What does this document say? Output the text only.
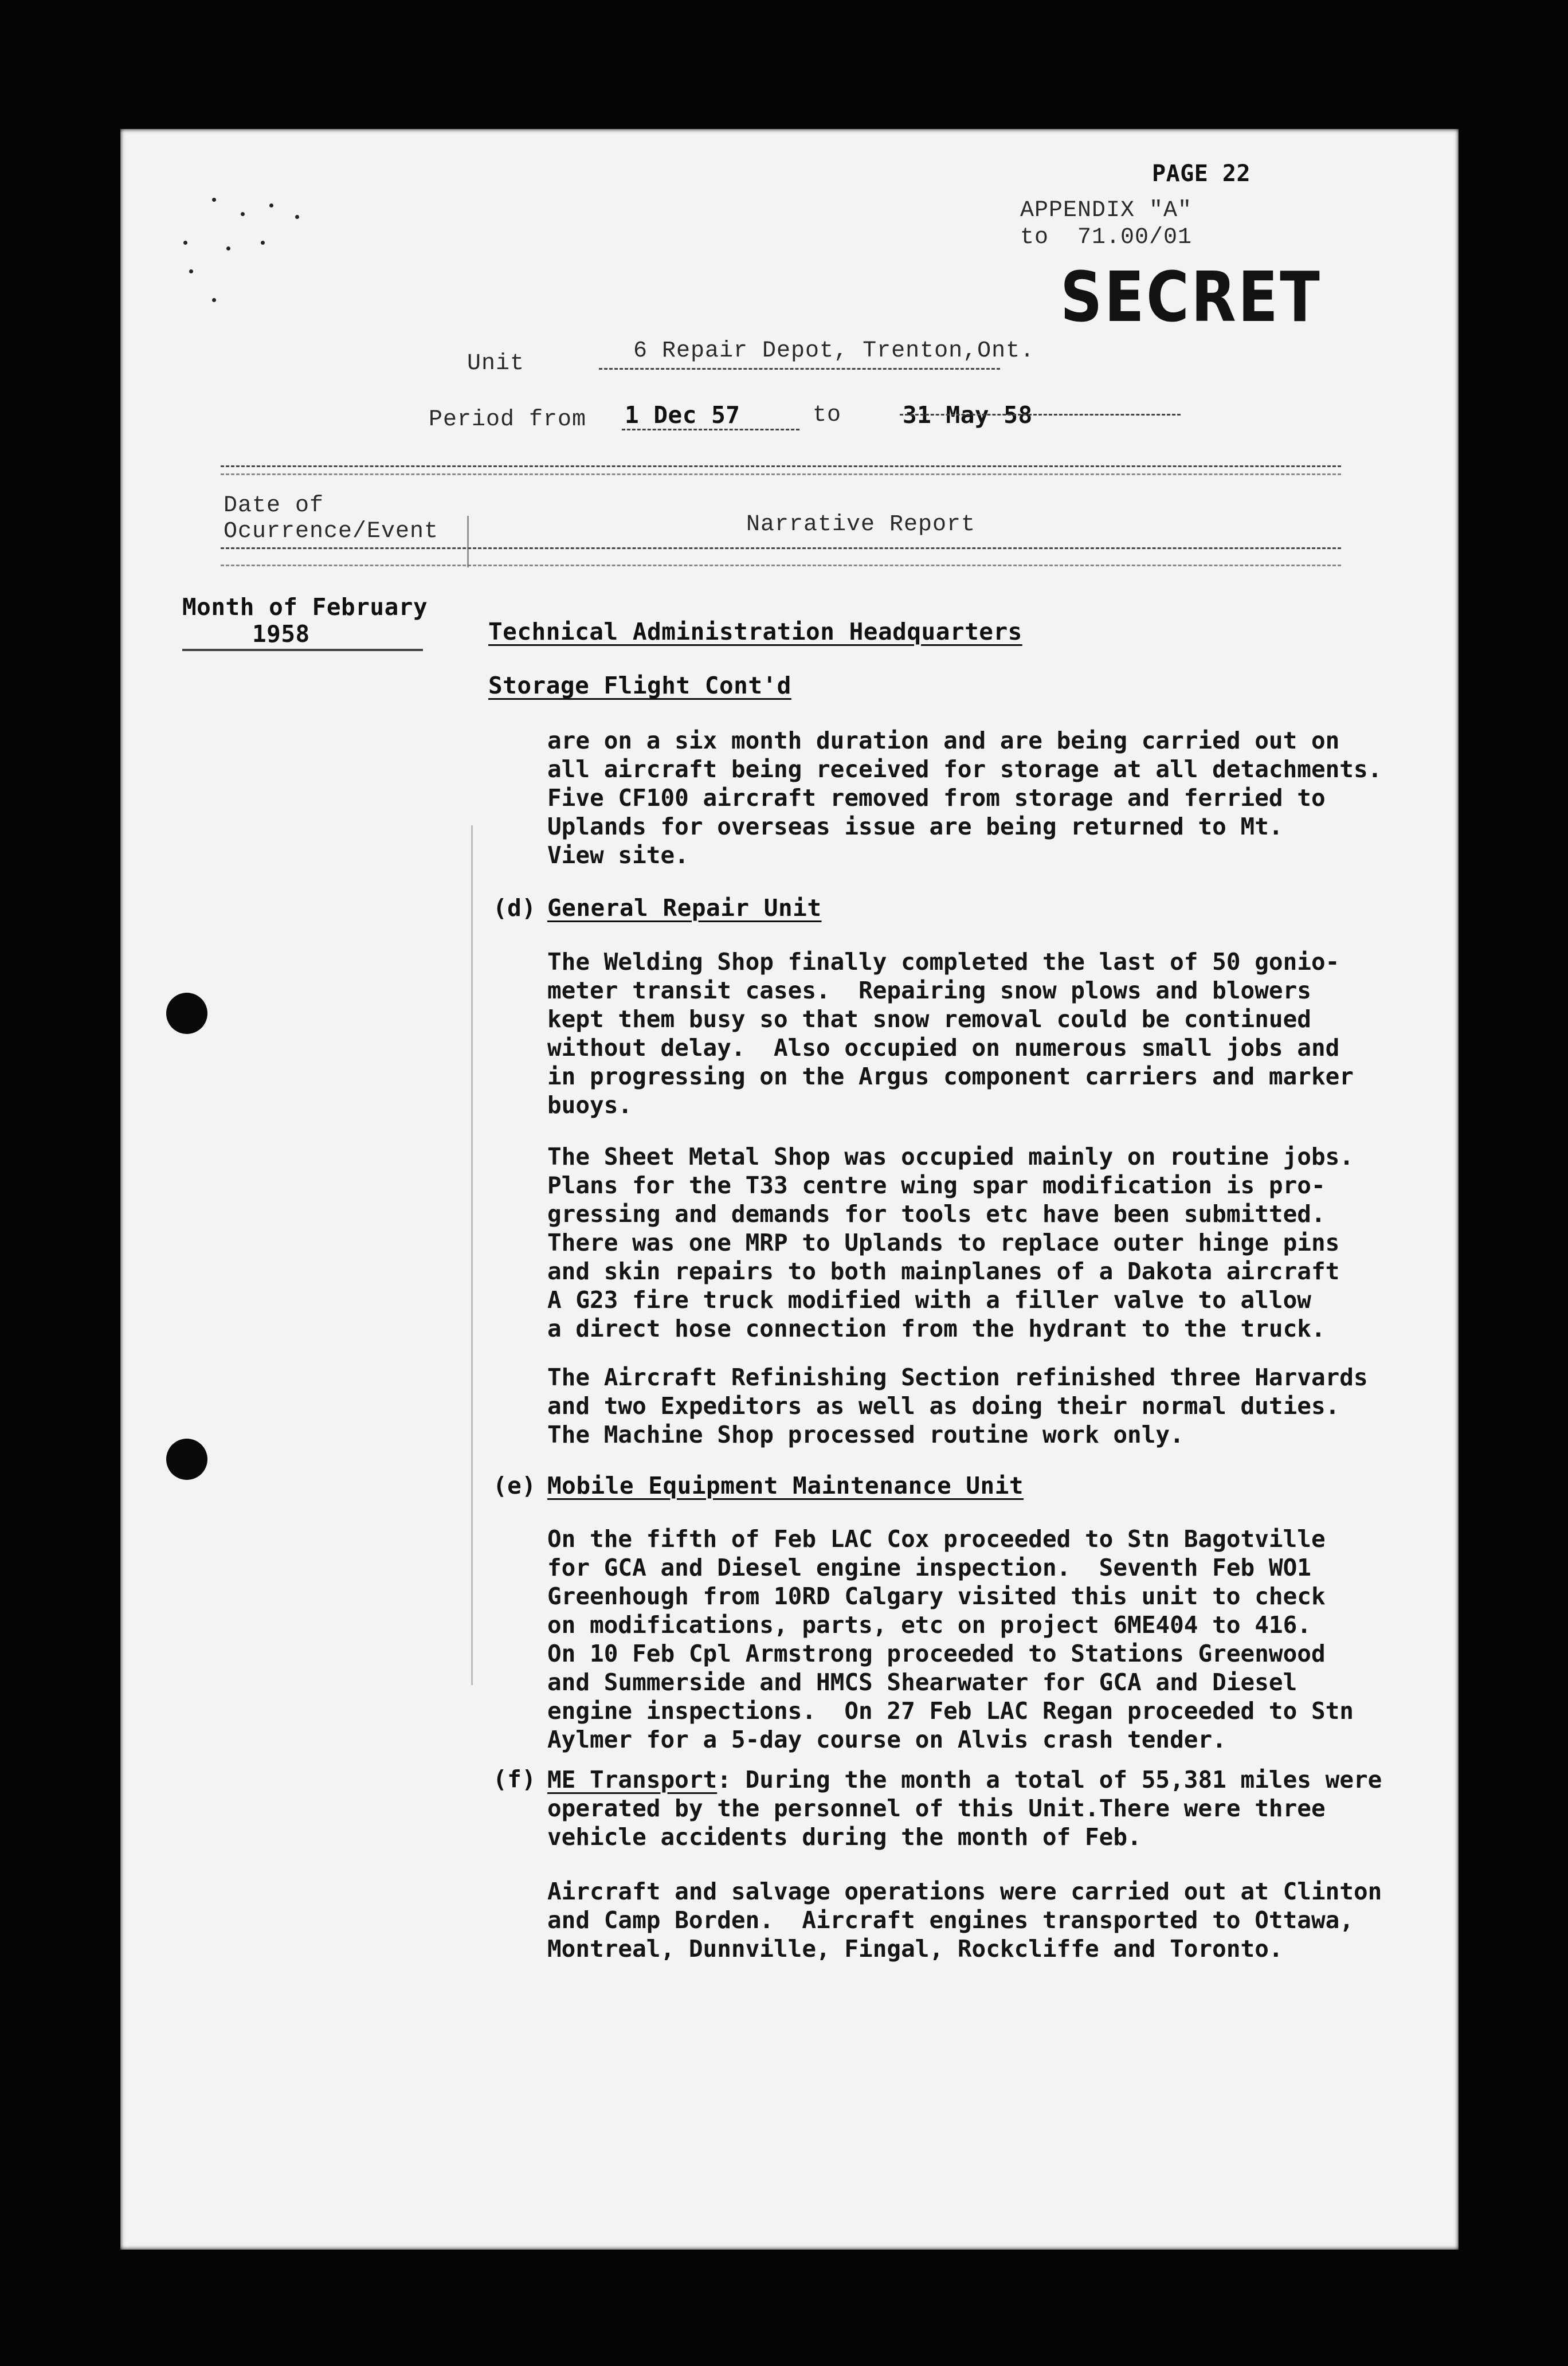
PAGE 22
APPENDIX "A"
to  71.00/01
SECRET
Unit	6 Repair Depot, Trenton,Ont.
Period from 1 Dec 57	to	31 May 58
Date of
Ocurrence/Event	Narrative Report
Month of February
1958	Technical Administration Headquarters
Storage Flight Cont'd
are on a six month duration and are being carried out on
all aircraft being received for storage at all detachments.
Five CF100 aircraft removed from storage and ferried to
Uplands for overseas issue are being returned to Mt.
View site.
(d) General Repair Unit
The Welding Shop finally completed the last of 50 gonio-
meter transit cases.  Repairing snow plows and blowers
kept them busy so that snow removal could be continued
without delay.  Also occupied on numerous small jobs and
in progressing on the Argus component carriers and marker
buoys.
The Sheet Metal Shop was occupied mainly on routine jobs.
Plans for the T33 centre wing spar modification is pro-
gressing and demands for tools etc have been submitted.
There was one MRP to Uplands to replace outer hinge pins
and skin repairs to both mainplanes of a Dakota aircraft
A G23 fire truck modified with a filler valve to allow
a direct hose connection from the hydrant to the truck.
The Aircraft Refinishing Section refinished three Harvards
and two Expeditors as well as doing their normal duties.
The Machine Shop processed routine work only.
(e) Mobile Equipment Maintenance Unit
On the fifth of Feb LAC Cox proceeded to Stn Bagotville
for GCA and Diesel engine inspection.  Seventh Feb WO1
Greenhough from 10RD Calgary visited this unit to check
on modifications, parts, etc on project 6ME404 to 416.
On 10 Feb Cpl Armstrong proceeded to Stations Greenwood
and Summerside and HMCS Shearwater for GCA and Diesel
engine inspections.  On 27 Feb LAC Regan proceeded to Stn
Aylmer for a 5-day course on Alvis crash tender.
(f) ME Transport: During the month a total of 55,381 miles were
operated by the personnel of this Unit.There were three
vehicle accidents during the month of Feb.
Aircraft and salvage operations were carried out at Clinton
and Camp Borden.  Aircraft engines transported to Ottawa,
Montreal, Dunnville, Fingal, Rockcliffe and Toronto.
